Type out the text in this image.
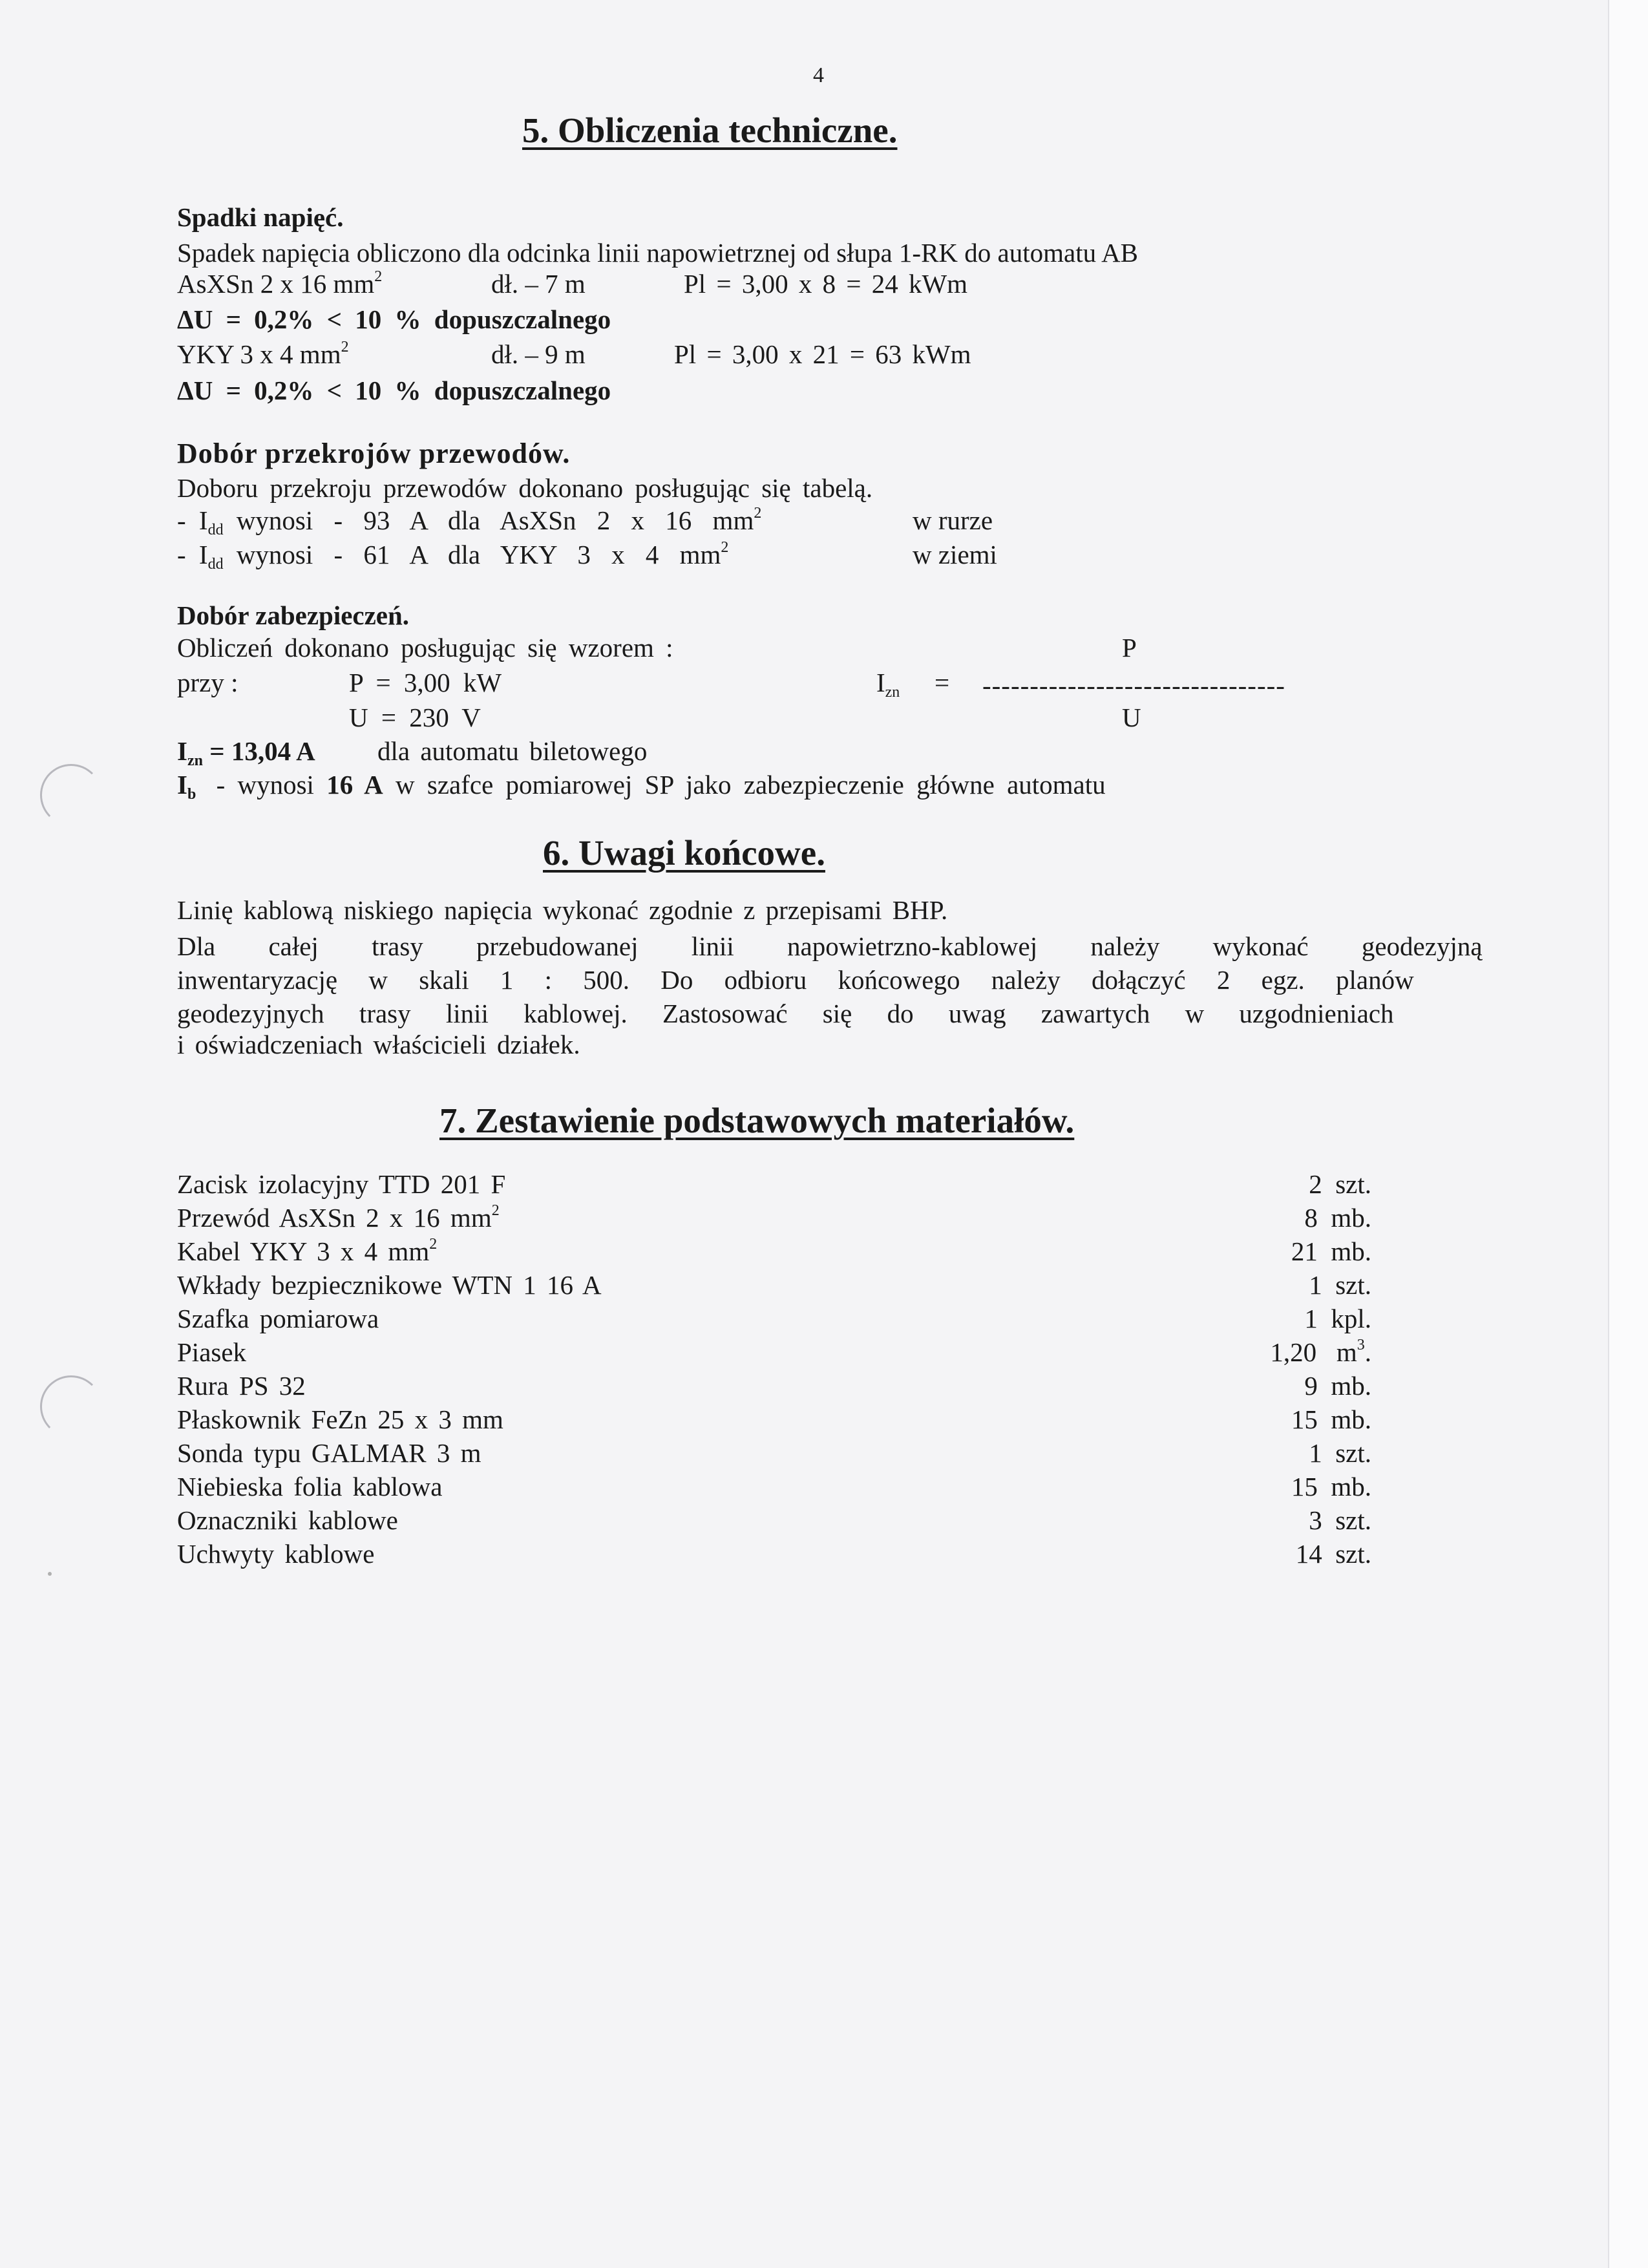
4
5. Obliczenia techniczne.
Spadki napięć.
Spadek napięcia obliczono dla odcinka linii napowietrznej od słupa 1-RK do automatu AB
AsXSn 2 x 16 $mm^2$	dł. – 7 m	Pl = 3,00 x 8 = 24 kWm
ΔU = 0,2% < 10 % dopuszczalnego
YKY 3 x 4 $mm^2$	dł. – 9 m	Pl = 3,00 x 21 = 63 kWm
ΔU = 0,2% < 10 % dopuszczalnego
Dobór przekrojów przewodów.
Doboru przekroju przewodów dokonano posługując się tabelą.
- $I_{dd}$ wynosi - 93 A dla AsXSn 2 x 16 $mm^2$	w rurze
- $I_{dd}$ wynosi - 61 A dla YKY 3 x 4 $mm^2$	w ziemi
Dobór zabezpieczeń.
Obliczeń dokonano posługując się wzorem :	P
przy :	P = 3,00 kW	$I_{zn}$ = --------------------------------
U = 230 V	U
$I_{zn} = 13,04$ A dla automatu biletowego
$I_b$ - wynosi 16 A w szafce pomiarowej SP jako zabezpieczenie główne automatu
6. Uwagi końcowe.
Linię kablową niskiego napięcia wykonać zgodnie z przepisami BHP.
Dla całej trasy przebudowanej linii napowietrzno-kablowej należy wykonać geodezyjną
inwentaryzację w skali 1 : 500. Do odbioru końcowego należy dołączyć 2 egz. planów
geodezyjnych trasy linii kablowej. Zastosować się do uwag zawartych w uzgodnieniach
i oświadczeniach właścicieli działek.
7. Zestawienie podstawowych materiałów.
Zacisk izolacyjny TTD 201 F	2 szt.
Przewód AsXSn 2 x 16 $mm^2$	8 mb.
Kabel YKY 3 x 4 $mm^2$	21 mb.
Wkłady bezpiecznikowe WTN 1 16 A	1 szt.
Szafka pomiarowa	1 kpl.
Piasek	1,20 $m^3$.
Rura PS 32	9 mb.
Płaskownik FeZn 25 x 3 mm	15 mb.
Sonda typu GALMAR 3 m	1 szt.
Niebieska folia kablowa	15 mb.
Oznaczniki kablowe	3 szt.
Uchwyty kablowe	14 szt.
